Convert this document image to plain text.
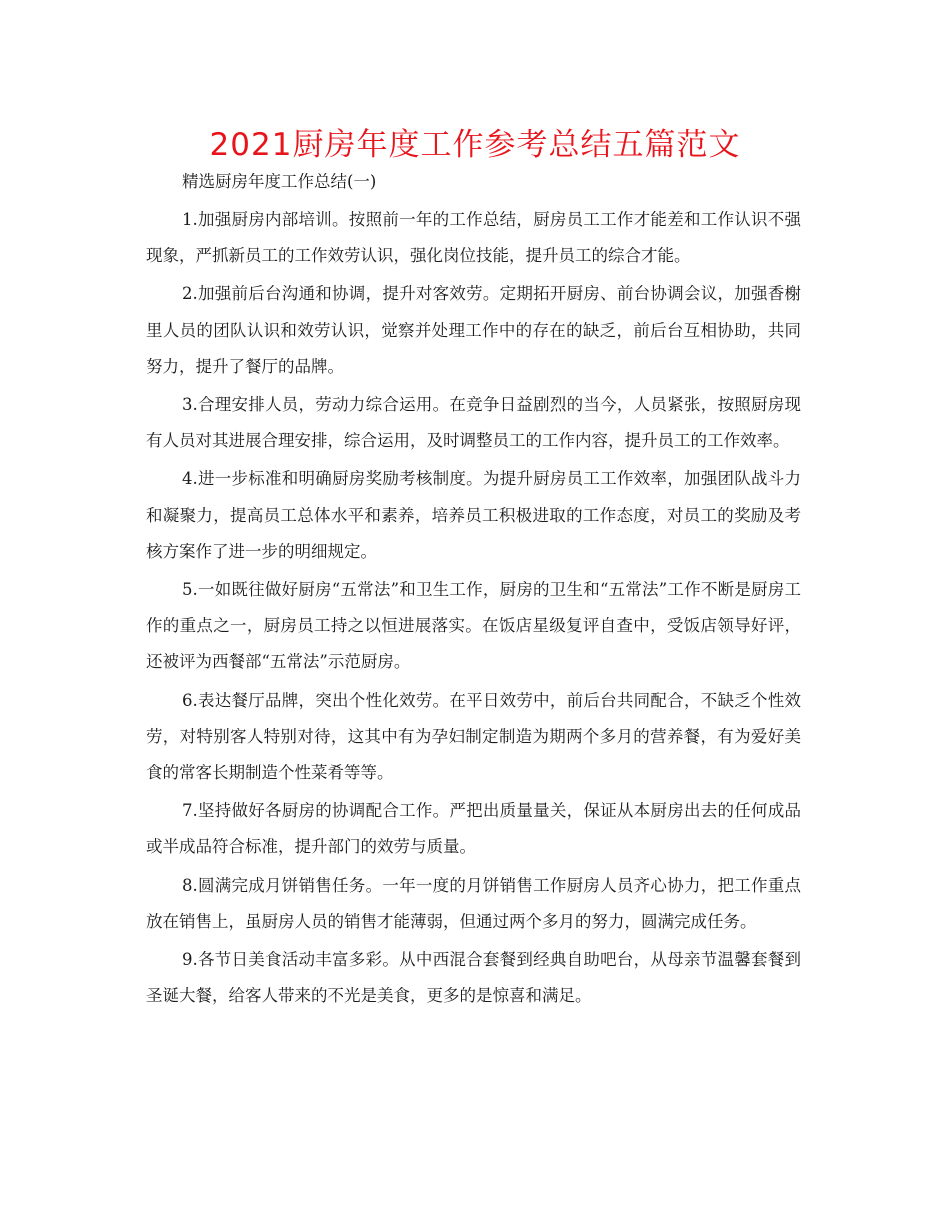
2021厨房年度工作参考总结五篇范文
精选厨房年度工作总结(一)

1.加强厨房内部培训。按照前一年的工作总结，厨房员工工作才能差和工作认识不强现象，严抓新员工的工作效劳认识，强化岗位技能，提升员工的综合才能。

2.加强前后台沟通和协调，提升对客效劳。定期拓开厨房、前台协调会议，加强香榭里人员的团队认识和效劳认识，觉察并处理工作中的存在的缺乏，前后台互相协助，共同努力，提升了餐厅的品牌。

3.合理安排人员，劳动力综合运用。在竞争日益剧烈的当今，人员紧张，按照厨房现有人员对其进展合理安排，综合运用，及时调整员工的工作内容，提升员工的工作效率。

4.进一步标准和明确厨房奖励考核制度。为提升厨房员工工作效率，加强团队战斗力和凝聚力，提高员工总体水平和素养，培养员工积极进取的工作态度，对员工的奖励及考核方案作了进一步的明细规定。

5.一如既往做好厨房“五常法”和卫生工作，厨房的卫生和“五常法”工作不断是厨房工作的重点之一，厨房员工持之以恒进展落实。在饭店星级复评自查中，受饭店领导好评，还被评为西餐部“五常法”示范厨房。

6.表达餐厅品牌，突出个性化效劳。在平日效劳中，前后台共同配合，不缺乏个性效劳，对特别客人特别对待，这其中有为孕妇制定制造为期两个多月的营养餐，有为爱好美食的常客长期制造个性菜肴等等。

7.坚持做好各厨房的协调配合工作。严把出质量量关，保证从本厨房出去的任何成品或半成品符合标准，提升部门的效劳与质量。

8.圆满完成月饼销售任务。一年一度的月饼销售工作厨房人员齐心协力，把工作重点放在销售上，虽厨房人员的销售才能薄弱，但通过两个多月的努力，圆满完成任务。

9.各节日美食活动丰富多彩。从中西混合套餐到经典自助吧台，从母亲节温馨套餐到圣诞大餐，给客人带来的不光是美食，更多的是惊喜和满足。
